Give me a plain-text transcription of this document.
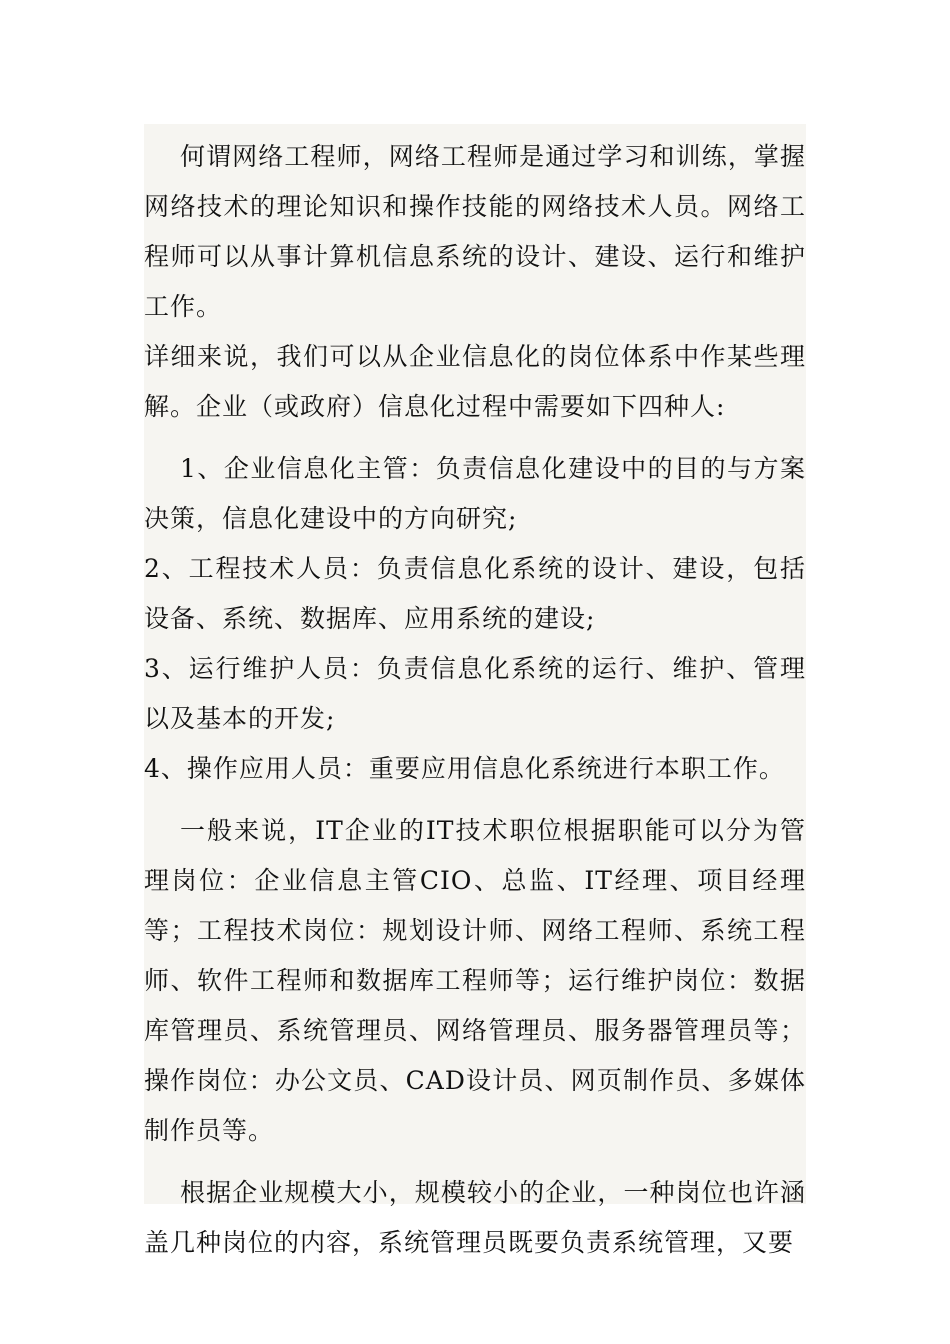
何谓网络工程师，网络工程师是通过学习和训练，掌握网络技术的理论知识和操作技能的网络技术人员。网络工程师可以从事计算机信息系统的设计、建设、运行和维护工作。

详细来说，我们可以从企业信息化的岗位体系中作某些理解。企业（或政府）信息化过程中需要如下四种人:

1、企业信息化主管：负责信息化建设中的目的与方案决策，信息化建设中的方向研究;

2、工程技术人员：负责信息化系统的设计、建设，包括设备、系统、数据库、应用系统的建设;

3、运行维护人员：负责信息化系统的运行、维护、管理以及基本的开发;

4、操作应用人员：重要应用信息化系统进行本职工作。

一般来说，IT企业的IT技术职位根据职能可以分为管理岗位：企业信息主管CIO、总监、IT经理、项目经理等；工程技术岗位：规划设计师、网络工程师、系统工程师、软件工程师和数据库工程师等；运行维护岗位：数据库管理员、系统管理员、网络管理员、服务器管理员等；操作岗位：办公文员、CAD设计员、网页制作员、多媒体制作员等。

根据企业规模大小，规模较小的企业，一种岗位也许涵盖几种岗位的内容，系统管理员既要负责系统管理，又要
